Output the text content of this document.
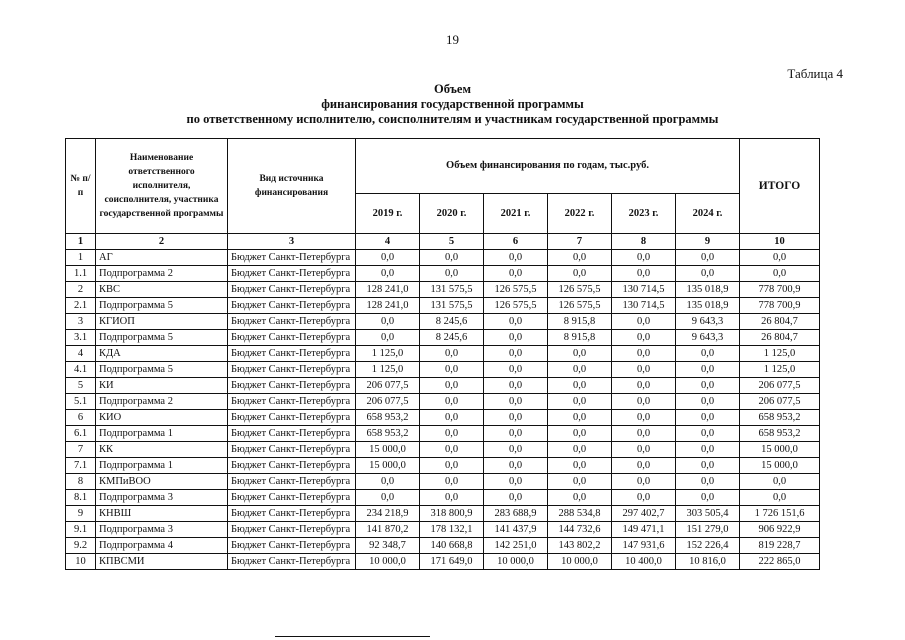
19
Таблица 4
Объем
финансирования государственной программы
по ответственному исполнителю, соисполнителям и участникам государственной программы
№ п/п	Наименование ответственного исполнителя, соисполнителя, участника государственной программы	Вид источника финансирования	Объем финансирования по годам, тыс.руб.						ИТОГО
			2019 г.	2020 г.	2021 г.	2022 г.	2023 г.	2024 г.	
1	2	3	4	5	6	7	8	9	10
1	АГ	Бюджет Санкт-Петербурга	0,0	0,0	0,0	0,0	0,0	0,0	0,0
1.1	Подпрограмма 2	Бюджет Санкт-Петербурга	0,0	0,0	0,0	0,0	0,0	0,0	0,0
2	КВС	Бюджет Санкт-Петербурга	128 241,0	131 575,5	126 575,5	126 575,5	130 714,5	135 018,9	778 700,9
2.1	Подпрограмма 5	Бюджет Санкт-Петербурга	128 241,0	131 575,5	126 575,5	126 575,5	130 714,5	135 018,9	778 700,9
3	КГИОП	Бюджет Санкт-Петербурга	0,0	8 245,6	0,0	8 915,8	0,0	9 643,3	26 804,7
3.1	Подпрограмма 5	Бюджет Санкт-Петербурга	0,0	8 245,6	0,0	8 915,8	0,0	9 643,3	26 804,7
4	КДА	Бюджет Санкт-Петербурга	1 125,0	0,0	0,0	0,0	0,0	0,0	1 125,0
4.1	Подпрограмма 5	Бюджет Санкт-Петербурга	1 125,0	0,0	0,0	0,0	0,0	0,0	1 125,0
5	КИ	Бюджет Санкт-Петербурга	206 077,5	0,0	0,0	0,0	0,0	0,0	206 077,5
5.1	Подпрограмма 2	Бюджет Санкт-Петербурга	206 077,5	0,0	0,0	0,0	0,0	0,0	206 077,5
6	КИО	Бюджет Санкт-Петербурга	658 953,2	0,0	0,0	0,0	0,0	0,0	658 953,2
6.1	Подпрограмма 1	Бюджет Санкт-Петербурга	658 953,2	0,0	0,0	0,0	0,0	0,0	658 953,2
7	КК	Бюджет Санкт-Петербурга	15 000,0	0,0	0,0	0,0	0,0	0,0	15 000,0
7.1	Подпрограмма 1	Бюджет Санкт-Петербурга	15 000,0	0,0	0,0	0,0	0,0	0,0	15 000,0
8	КМПиВОО	Бюджет Санкт-Петербурга	0,0	0,0	0,0	0,0	0,0	0,0	0,0
8.1	Подпрограмма 3	Бюджет Санкт-Петербурга	0,0	0,0	0,0	0,0	0,0	0,0	0,0
9	КНВШ	Бюджет Санкт-Петербурга	234 218,9	318 800,9	283 688,9	288 534,8	297 402,7	303 505,4	1 726 151,6
9.1	Подпрограмма 3	Бюджет Санкт-Петербурга	141 870,2	178 132,1	141 437,9	144 732,6	149 471,1	151 279,0	906 922,9
9.2	Подпрограмма 4	Бюджет Санкт-Петербурга	92 348,7	140 668,8	142 251,0	143 802,2	147 931,6	152 226,4	819 228,7
10	КПВСМИ	Бюджет Санкт-Петербурга	10 000,0	171 649,0	10 000,0	10 000,0	10 400,0	10 816,0	222 865,0
